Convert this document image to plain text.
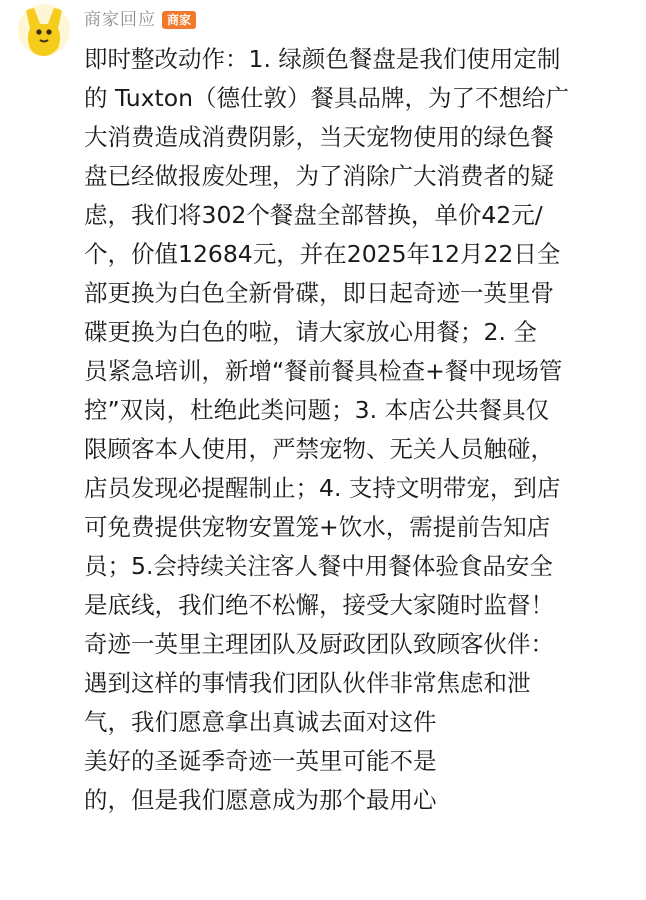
商家回应 商家
即时整改动作：1. 绿颜色餐盘是我们使用定制
的 Tuxton（德仕敦）餐具品牌，为了不想给广
大消费造成消费阴影，当天宠物使用的绿色餐
盘已经做报废处理，为了消除广大消费者的疑
虑，我们将302个餐盘全部替换，单价42元/
个，价值12684元，并在2025年12月22日全
部更换为白色全新骨碟，即日起奇迹一英里骨
碟更换为白色的啦，请大家放心用餐；2. 全
员紧急培训，新增“餐前餐具检查+餐中现场管
控”双岗，杜绝此类问题；3. 本店公共餐具仅
限顾客本人使用，严禁宠物、无关人员触碰，
店员发现必提醒制止；4. 支持文明带宠，到店
可免费提供宠物安置笼+饮水，需提前告知店
员；5.会持续关注客人餐中用餐体验食品安全
是底线，我们绝不松懈，接受大家随时监督！
奇迹一英里主理团队及厨政团队致顾客伙伴：
遇到这样的事情我们团队伙伴非常焦虑和泄
气，我们愿意拿出真诚去面对这件
美好的圣诞季奇迹一英里可能不是
的，但是我们愿意成为那个最用心
